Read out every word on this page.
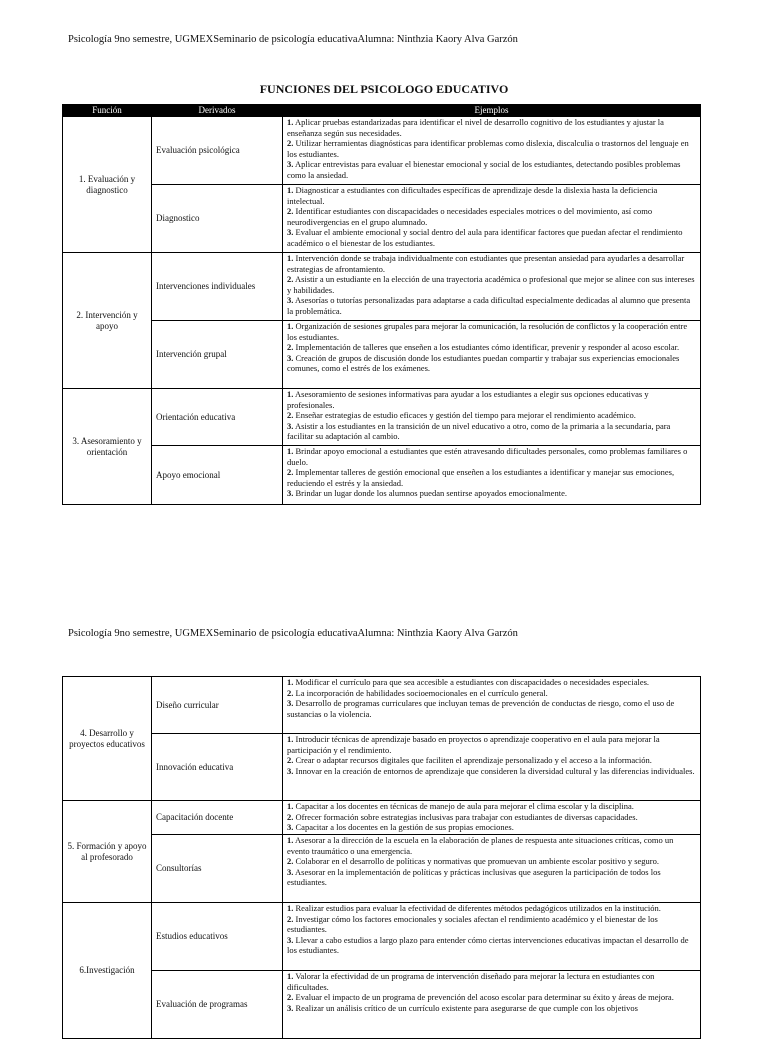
Psicología 9no semestre, UGMEXSeminario de psicología educativaAlumna: Ninthzia Kaory Alva Garzón
FUNCIONES DEL PSICOLOGO EDUCATIVO
Función	Derivados	Ejemplos
1. Evaluación y diagnostico	Evaluación psicológica	1. Aplicar pruebas estandarizadas para identificar el nivel de desarrollo cognitivo de los estudiantes y ajustar la enseñanza según sus necesidades.

2. Utilizar herramientas diagnósticas para identificar problemas como dislexia, discalculia o trastornos del lenguaje en los estudiantes.

3. Aplicar entrevistas para evaluar el bienestar emocional y social de los estudiantes, detectando posibles problemas como la ansiedad.

	Diagnostico	1. Diagnosticar a estudiantes con dificultades específicas de aprendizaje desde la dislexia hasta la deficiencia intelectual.

2. Identificar estudiantes con discapacidades o necesidades especiales motrices o del movimiento, así como neurodivergencias en el grupo alumnado.

3. Evaluar el ambiente emocional y social dentro del aula para identificar factores que puedan afectar el rendimiento académico o el bienestar de los estudiantes.

2. Intervención y apoyo	Intervenciones individuales	1. Intervención donde se trabaja individualmente con estudiantes que presentan ansiedad para ayudarles a desarrollar estrategias de afrontamiento.

2. Asistir a un estudiante en la elección de una trayectoria académica o profesional que mejor se alinee con sus intereses y habilidades.

3. Asesorías o tutorías personalizadas para adaptarse a cada dificultad especialmente dedicadas al alumno que presenta la problemática.

	Intervención grupal	1. Organización de sesiones grupales para mejorar la comunicación, la resolución de conflictos y la cooperación entre los estudiantes.

2. Implementación de talleres que enseñen a los estudiantes cómo identificar, prevenir y responder al acoso escolar.

3. Creación de grupos de discusión donde los estudiantes puedan compartir y trabajar sus experiencias emocionales comunes, como el estrés de los exámenes.

3. Asesoramiento y orientación	Orientación educativa	1. Asesoramiento de sesiones informativas para ayudar a los estudiantes a elegir sus opciones educativas y profesionales.

2. Enseñar estrategias de estudio eficaces y gestión del tiempo para mejorar el rendimiento académico.

3. Asistir a los estudiantes en la transición de un nivel educativo a otro, como de la primaria a la secundaria, para facilitar su adaptación al cambio.

	Apoyo emocional	1. Brindar apoyo emocional a estudiantes que estén atravesando dificultades personales, como problemas familiares o duelo.

2. Implementar talleres de gestión emocional que enseñen a los estudiantes a identificar y manejar sus emociones, reduciendo el estrés y la ansiedad.

3. Brindar un lugar donde los alumnos puedan sentirse apoyados emocionalmente.

Psicología 9no semestre, UGMEXSeminario de psicología educativaAlumna: Ninthzia Kaory Alva Garzón
4. Desarrollo y proyectos educativos	Diseño curricular	1. Modificar el currículo para que sea accesible a estudiantes con discapacidades o necesidades especiales.

2. La incorporación de habilidades socioemocionales en el currículo general.

3. Desarrollo de programas curriculares que incluyan temas de prevención de conductas de riesgo, como el uso de sustancias o la violencia.

	Innovación educativa	1. Introducir técnicas de aprendizaje basado en proyectos o aprendizaje cooperativo en el aula para mejorar la participación y el rendimiento.

2. Crear o adaptar recursos digitales que faciliten el aprendizaje personalizado y el acceso a la información.

3. Innovar en la creación de entornos de aprendizaje que consideren la diversidad cultural y las diferencias individuales.

5. Formación y apoyo al profesorado	Capacitación docente	1. Capacitar a los docentes en técnicas de manejo de aula para mejorar el clima escolar y la disciplina.

2. Ofrecer formación sobre estrategias inclusivas para trabajar con estudiantes de diversas capacidades.

3. Capacitar a los docentes en la gestión de sus propias emociones.

	Consultorías	1. Asesorar a la dirección de la escuela en la elaboración de planes de respuesta ante situaciones críticas, como un evento traumático o una emergencia.

2. Colaborar en el desarrollo de políticas y normativas que promuevan un ambiente escolar positivo y seguro.

3. Asesorar en la implementación de políticas y prácticas inclusivas que aseguren la participación de todos los estudiantes.

6.Investigación	Estudios educativos	1. Realizar estudios para evaluar la efectividad de diferentes métodos pedagógicos utilizados en la institución.

2. Investigar cómo los factores emocionales y sociales afectan el rendimiento académico y el bienestar de los estudiantes.

3. Llevar a cabo estudios a largo plazo para entender cómo ciertas intervenciones educativas impactan el desarrollo de los estudiantes.

	Evaluación de programas	1. Valorar la efectividad de un programa de intervención diseñado para mejorar la lectura en estudiantes con dificultades.

2. Evaluar el impacto de un programa de prevención del acoso escolar para determinar su éxito y áreas de mejora.

3. Realizar un análisis crítico de un currículo existente para asegurarse de que cumple con los objetivos
